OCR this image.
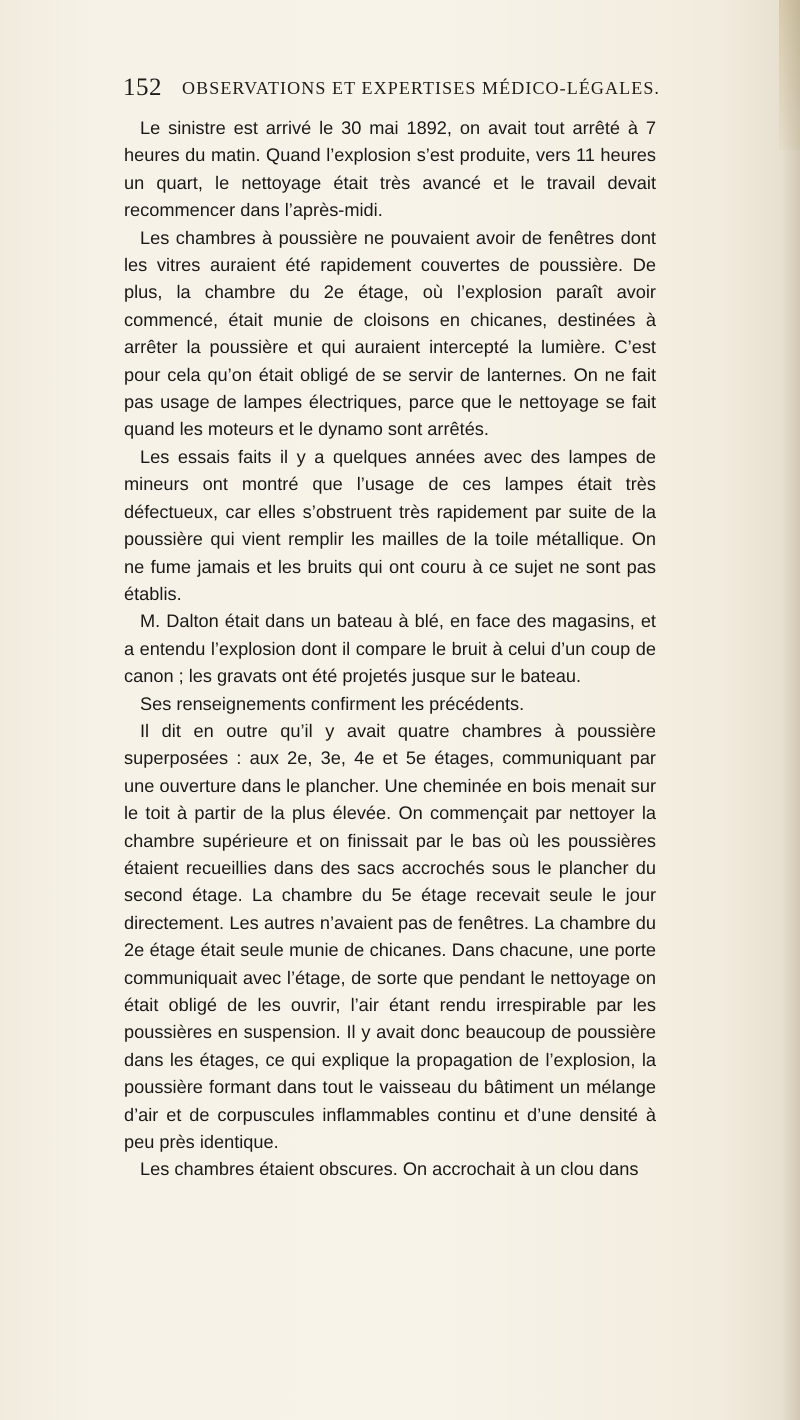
152 OBSERVATIONS ET EXPERTISES MÉDICO-LÉGALES.

Le sinistre est arrivé le 30 mai 1892, on avait tout arrêté à 7 heures du matin. Quand l’explosion s’est produite, vers 11 heures un quart, le nettoyage était très avancé et le travail devait recommencer dans l’après-midi.

Les chambres à poussière ne pouvaient avoir de fenêtres dont les vitres auraient été rapidement couvertes de poussière. De plus, la chambre du 2e étage, où l’explosion paraît avoir commencé, était munie de cloisons en chicanes, destinées à arrêter la poussière et qui auraient intercepté la lumière. C’est pour cela qu’on était obligé de se servir de lanternes. On ne fait pas usage de lampes électriques, parce que le nettoyage se fait quand les moteurs et le dynamo sont arrêtés.

Les essais faits il y a quelques années avec des lampes de mineurs ont montré que l’usage de ces lampes était très défectueux, car elles s’obstruent très rapidement par suite de la poussière qui vient remplir les mailles de la toile métallique. On ne fume jamais et les bruits qui ont couru à ce sujet ne sont pas établis.

M. Dalton était dans un bateau à blé, en face des magasins, et a entendu l’explosion dont il compare le bruit à celui d’un coup de canon ; les gravats ont été projetés jusque sur le bateau.

Ses renseignements confirment les précédents.

Il dit en outre qu’il y avait quatre chambres à poussière superposées : aux 2e, 3e, 4e et 5e étages, communiquant par une ouverture dans le plancher. Une cheminée en bois menait sur le toit à partir de la plus élevée. On commençait par nettoyer la chambre supérieure et on finissait par le bas où les poussières étaient recueillies dans des sacs accrochés sous le plancher du second étage. La chambre du 5e étage recevait seule le jour directement. Les autres n’avaient pas de fenêtres. La chambre du 2e étage était seule munie de chicanes. Dans chacune, une porte communiquait avec l’étage, de sorte que pendant le nettoyage on était obligé de les ouvrir, l’air étant rendu irrespirable par les poussières en suspension. Il y avait donc beaucoup de poussière dans les étages, ce qui explique la propagation de l’explosion, la poussière formant dans tout le vaisseau du bâtiment un mélange d’air et de corpuscules inflammables continu et d’une densité à peu près identique.

Les chambres étaient obscures. On accrochait à un clou dans
